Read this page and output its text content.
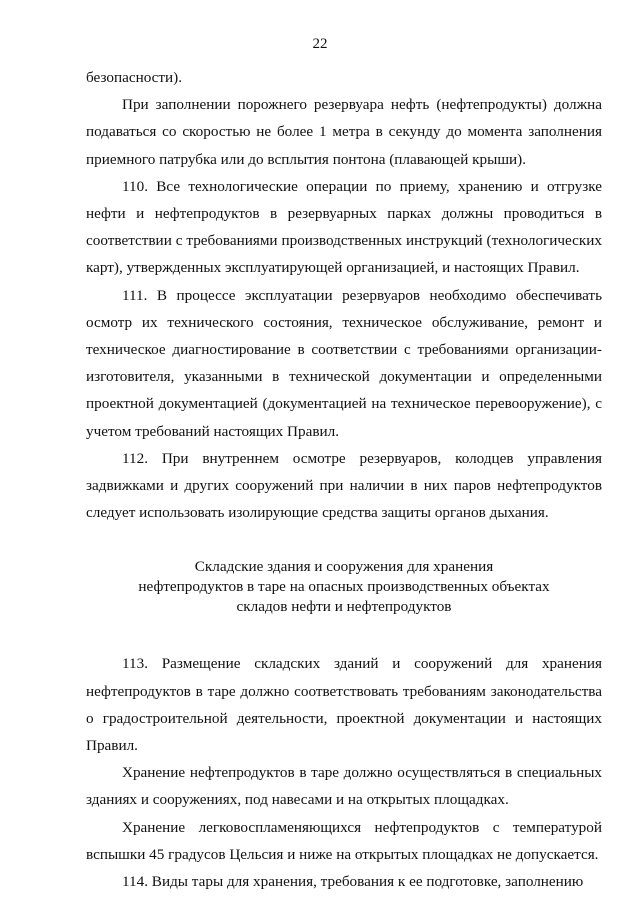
22

безопасности).

При заполнении порожнего резервуара нефть (нефтепродукты) должна подаваться со скоростью не более 1 метра в секунду до момента заполнения приемного патрубка или до всплытия понтона (плавающей крыши).

110. Все технологические операции по приему, хранению и отгрузке нефти и нефтепродуктов в резервуарных парках должны проводиться в соответствии с требованиями производственных инструкций (технологических карт), утвержденных эксплуатирующей организацией, и настоящих Правил.

111. В процессе эксплуатации резервуаров необходимо обеспечивать осмотр их технического состояния, техническое обслуживание, ремонт и техническое диагностирование в соответствии с требованиями организации-изготовителя, указанными в технической документации и определенными проектной документацией (документацией на техническое перевооружение), с учетом требований настоящих Правил.

112. При внутреннем осмотре резервуаров, колодцев управления задвижками и других сооружений при наличии в них паров нефтепродуктов следует использовать изолирующие средства защиты органов дыхания.

Складские здания и сооружения для хранения
нефтепродуктов в таре на опасных производственных объектах
складов нефти и нефтепродуктов

113. Размещение складских зданий и сооружений для хранения нефтепродуктов в таре должно соответствовать требованиям законодательства о градостроительной деятельности, проектной документации и настоящих Правил.

Хранение нефтепродуктов в таре должно осуществляться в специальных зданиях и сооружениях, под навесами и на открытых площадках.

Хранение легковоспламеняющихся нефтепродуктов с температурой вспышки 45 градусов Цельсия и ниже на открытых площадках не допускается.

114. Виды тары для хранения, требования к ее подготовке, заполнению
